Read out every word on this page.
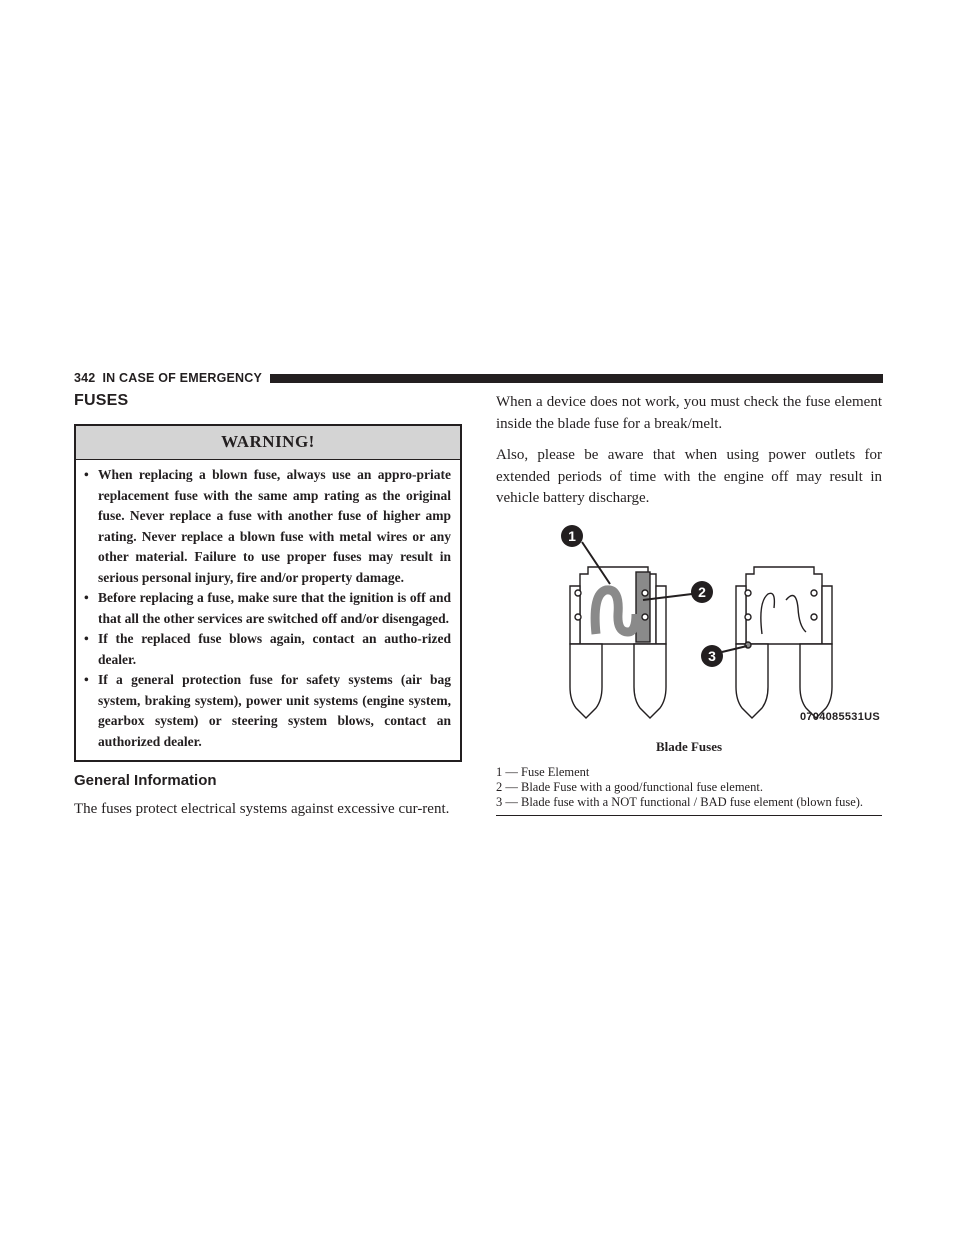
342 IN CASE OF EMERGENCY
FUSES
WARNING!
• When replacing a blown fuse, always use an appro-priate replacement fuse with the same amp rating as the original fuse. Never replace a fuse with another fuse of higher amp rating. Never replace a blown fuse with metal wires or any other material. Failure to use proper fuses may result in serious personal injury, fire and/or property damage.
• Before replacing a fuse, make sure that the ignition is off and that all the other services are switched off and/or disengaged.
• If the replaced fuse blows again, contact an autho-rized dealer.
• If a general protection fuse for safety systems (air bag system, braking system), power unit systems (engine system, gearbox system) or steering system blows, contact an authorized dealer.
General Information

The fuses protect electrical systems against excessive cur-rent.

When a device does not work, you must check the fuse element inside the blade fuse for a break/melt.

Also, please be aware that when using power outlets for extended periods of time with the engine off may result in vehicle battery discharge.

1
2
3
0704085531US
Blade Fuses

1 — Fuse Element

2 — Blade Fuse with a good/functional fuse element.

3 — Blade fuse with a NOT functional / BAD fuse element (blown fuse).
